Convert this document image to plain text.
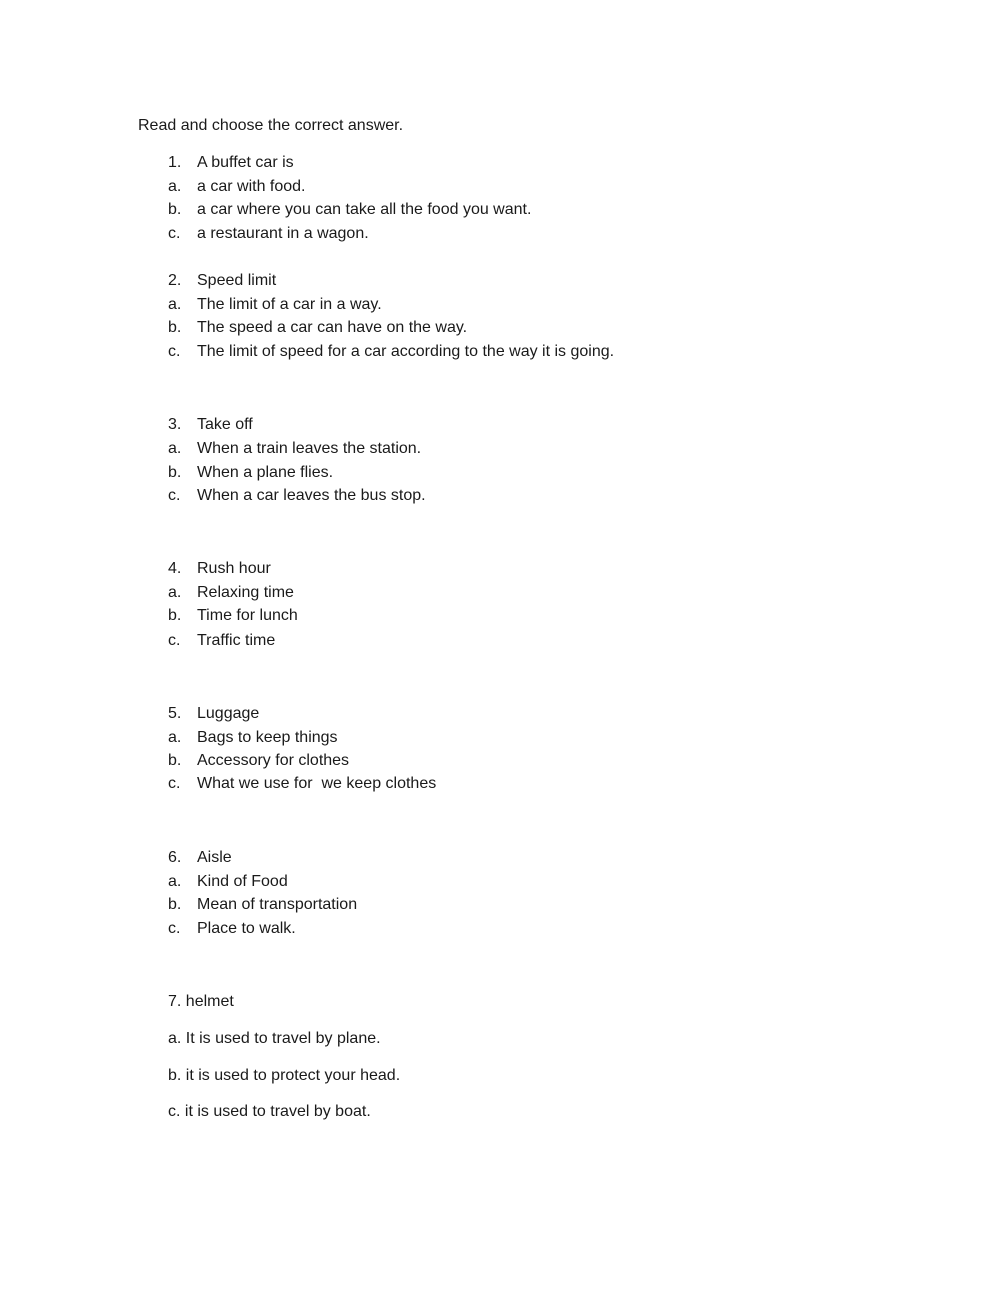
Read and choose the correct answer.
1. A buffet car is
a. a car with food.
b. a car where you can take all the food you want.
c.	a restaurant in a wagon.
2. Speed limit
a. The limit of a car in a way.
b. The speed a car can have on the way.
c.	The limit of speed for a car according to the way it is going.
3. Take off
a. When a train leaves the station.
b. When a plane flies.
c.	When a car leaves the bus stop.
4. Rush hour
a. Relaxing time
b. Time for lunch
c.	Traffic time
5. Luggage
a. Bags to keep things
b. Accessory for clothes
c.	What we use for  we keep clothes
6. Aisle
a. Kind of Food
b. Mean of transportation
c.	Place to walk.
7. helmet
a. It is used to travel by plane.
b. it is used to protect your head.
c. it is used to travel by boat.
